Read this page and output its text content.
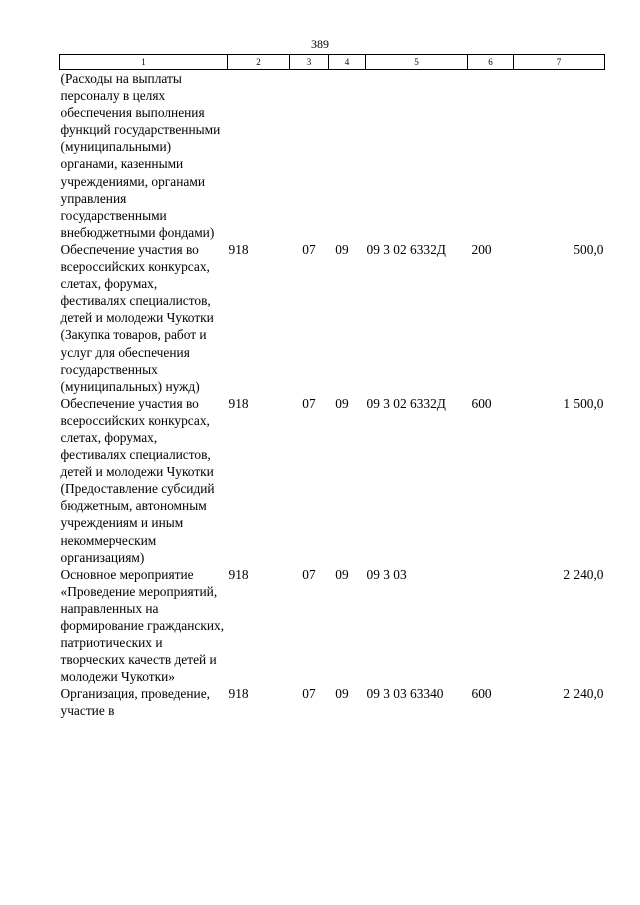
389
1	2	3	4	5	6	7
(Расходы на выплаты персоналу в целях обеспечения выполнения функций государственными (муниципальными) органами, казенными учреждениями, органами управления государственными внебюджетными фондами)						
Обеспечение участия во всероссийских конкурсах, слетах, форумах, фестивалях специалистов, детей и молодежи Чукотки (Закупка товаров, работ и услуг для обеспечения государственных (муниципальных) нужд)	918	07	09	09 3 02 6332Д	200	500,0
Обеспечение участия во всероссийских конкурсах, слетах, форумах, фестивалях специалистов, детей и молодежи Чукотки (Предоставление субсидий бюджетным, автономным учреждениям и иным некоммерческим организациям)	918	07	09	09 3 02 6332Д	600	1 500,0
Основное мероприятие «Проведение мероприятий, направленных на формирование гражданских, патриотических и творческих качеств детей и молодежи Чукотки»	918	07	09	09 3 03		2 240,0
Организация, проведение, участие в	918	07	09	09 3 03 63340	600	2 240,0
